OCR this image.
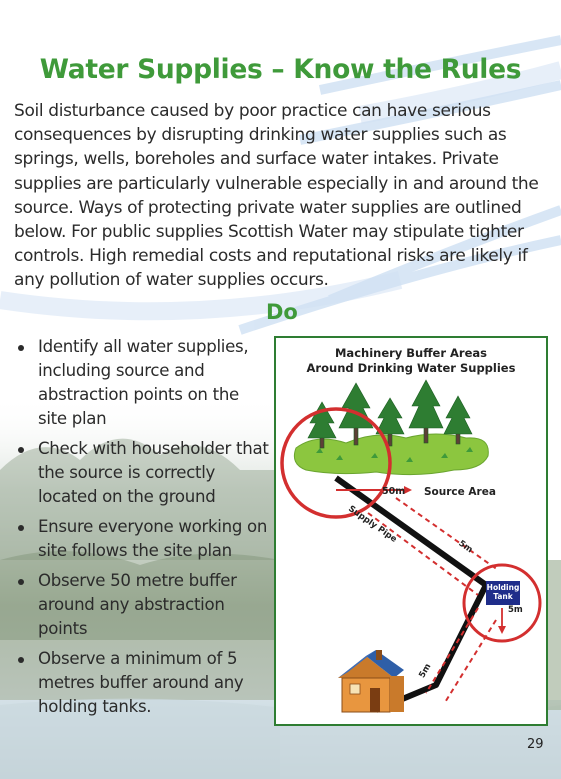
Water Supplies – Know the Rules

Soil disturbance caused by poor practice can have serious consequences by disrupting drinking water supplies such as springs, wells, boreholes and surface water intakes. Private supplies are particularly vulnerable especially in and around the source. Ways of protecting private water supplies are outlined below. For public supplies Scottish Water may stipulate tighter controls. High remedial costs and reputational risks are likely if any pollution of water supplies occurs.

Do
Identify all water supplies, including source and abstraction points on the site plan
Check with householder that the source is correctly located on the ground
Ensure everyone working on site follows the site plan
Observe 50 metre buffer around any abstraction points
Observe a minimum of 5 metres buffer around any holding tanks.
Machinery Buffer Areas
Around Drinking Water Supplies
50m Source Area
Supply Pipe
5m
Holding
Tank
5m
5m
29
